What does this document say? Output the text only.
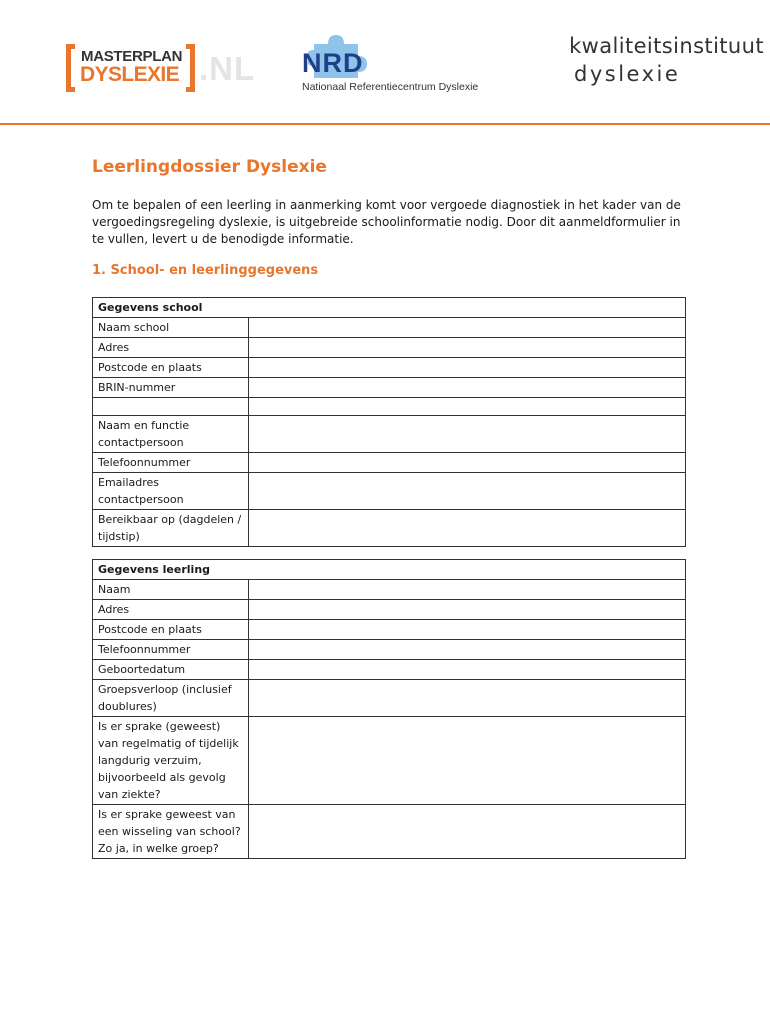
MASTERPLAN
DYSLEXIE .NL NRD
Nationaal Referentiecentrum Dyslexie
kwaliteitsinstituut
dyslexie
Leerlingdossier Dyslexie

Om te bepalen of een leerling in aanmerking komt voor vergoede diagnostiek in het kader van de vergoedingsregeling dyslexie, is uitgebreide schoolinformatie nodig. Door dit aanmeldformulier in te vullen, levert u de benodigde informatie.

1. School- en leerlinggegevens
Gegevens school	
Naam school	
Adres	
Postcode en plaats	
BRIN-nummer	

Naam en functie contactpersoon	
Telefoonnummer	
Emailadres contactpersoon	
Bereikbaar op (dagdelen / tijdstip)	
Gegevens leerling	
Naam	
Adres	
Postcode en plaats	
Telefoonnummer	
Geboortedatum	
Groepsverloop (inclusief doublures)	
Is er sprake (geweest) van regelmatig of tijdelijk langdurig verzuim, bijvoorbeeld als gevolg van ziekte?	
Is er sprake geweest van een wisseling van school? Zo ja, in welke groep?	
